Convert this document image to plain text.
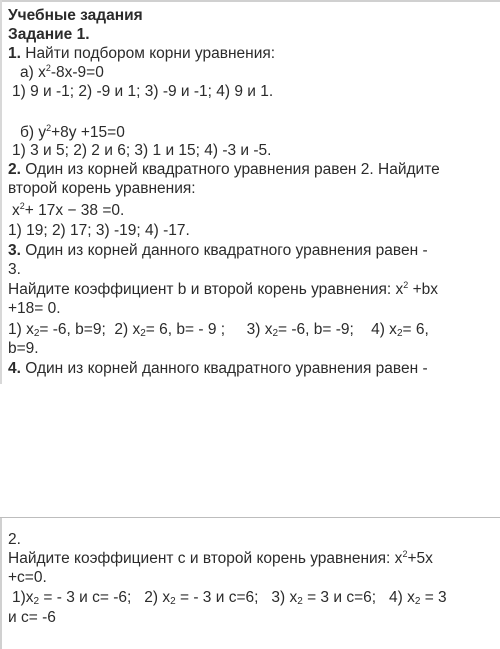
Учебные задания
Задание 1.
1. Найти подбором корни уравнения:
а) $x^2-8x-9=0$
1) 9 и -1; 2) -9 и 1; 3) -9 и -1; 4) 9 и 1.
б) $y^2+8y +15=0$
1) 3 и 5; 2) 2 и 6; 3) 1 и 15; 4) -3 и -5.
2. Один из корней квадратного уравнения равен 2. Найдите
второй корень уравнения:
$x^2+ 17x - 38 =0$.
1) 19; 2) 17; 3) -19; 4) -17.
3. Один из корней данного квадратного уравнения равен -
3.
Найдите коэффициент b и второй корень уравнения: $x^2 +bx$
+18= 0.
1) $x_2= -6$, b=9; 2) $x_2= 6$, b= - 9 ; 3) $x_2= -6$, b= -9; 4) $x_2= 6$,
b=9.
4. Один из корней данного квадратного уравнения равен -
2.
Найдите коэффициент c и второй корень уравнения: $x^2+5x$
+c=0.
$1)x_2$ = - 3 и c= -6; 2) $x_2$ = - 3 и c=6; 3) $x_2 = 3$ и c=6; 4) $x_2 = 3$
и c= -6
